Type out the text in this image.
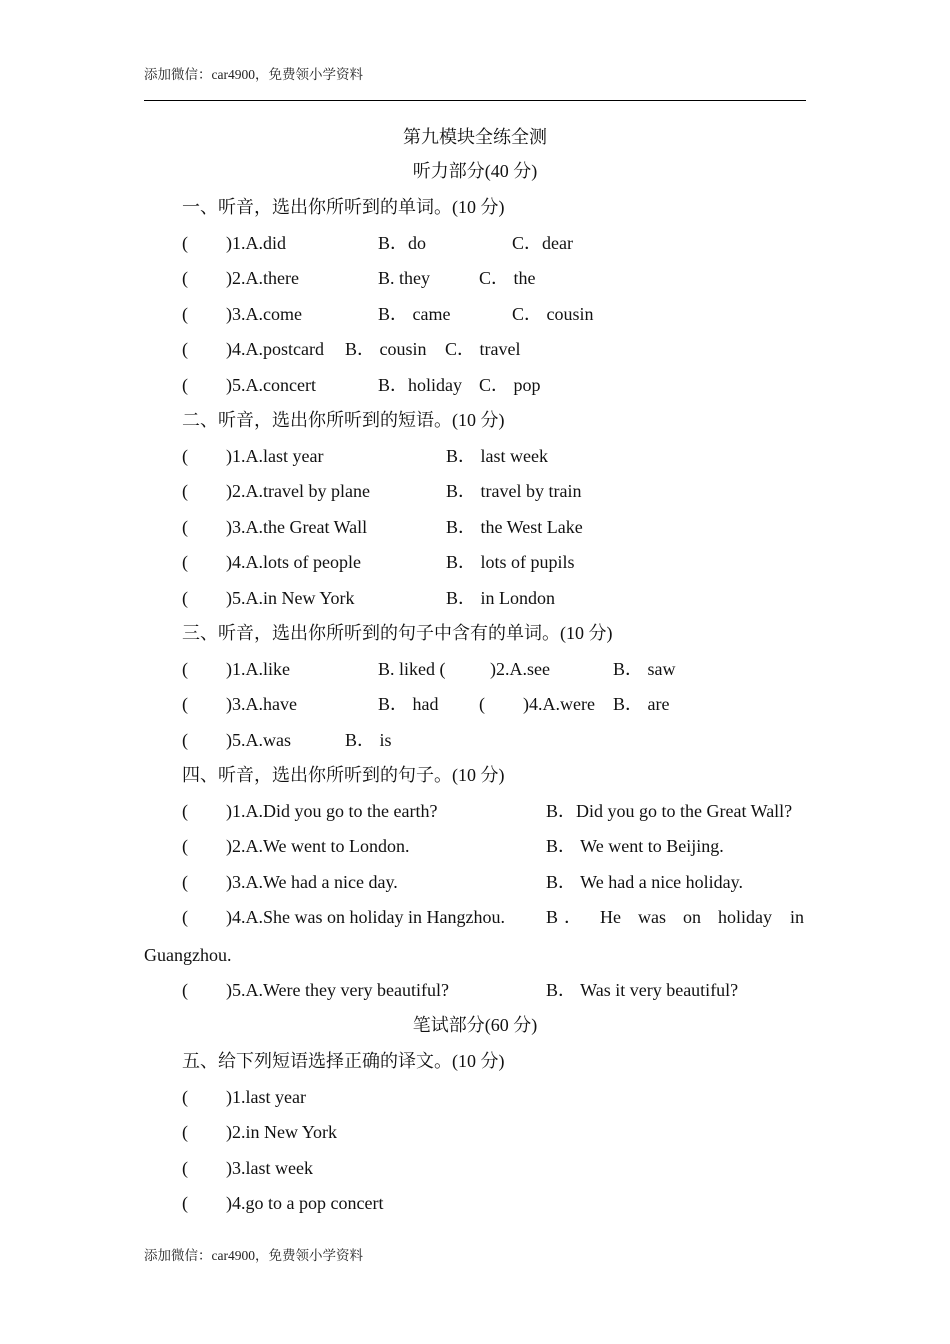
添加微信：car4900，免费领小学资料
第九模块全练全测
听力部分(40 分)
一、听音，选出你所听到的单词。(10 分)
( )1.A.did	B．do	C．dear
( )2.A.there	B. they	C． the
( )3.A.come	B． came	C． cousin
( )4.A.postcard B． cousin C． travel
( )5.A.concert	B．holiday C． pop
二、听音，选出你所听到的短语。(10 分)
( )1.A.last year	B． last week
( )2.A.travel by plane	B． travel by train
( )3.A.the Great Wall	B． the West Lake
( )4.A.lots of people	B． lots of pupils
( )5.A.in New York	B． in London
三、听音，选出你所听到的句子中含有的单词。(10 分)
( )1.A.like	B. liked ( )2.A.see	B． saw
( )3.A.have	B． had ( )4.A.were B． are
( )5.A.was	B． is
四、听音，选出你所听到的句子。(10 分)
( )1.A.Did you go to the earth?	B．Did you go to the Great Wall?
( )2.A.We went to London.	B． We went to Beijing.
( )3.A.We had a nice day.	B． We had a nice holiday.
( )4.A.She was on holiday in Hangzhou. B ． He was on holiday in
Guangzhou.
( )5.A.Were they very beautiful?	B． Was it very beautiful?
笔试部分(60 分)
五、给下列短语选择正确的译文。(10 分)
( )1.last year
( )2.in New York
( )3.last week
( )4.go to a pop concert
添加微信：car4900，免费领小学资料
